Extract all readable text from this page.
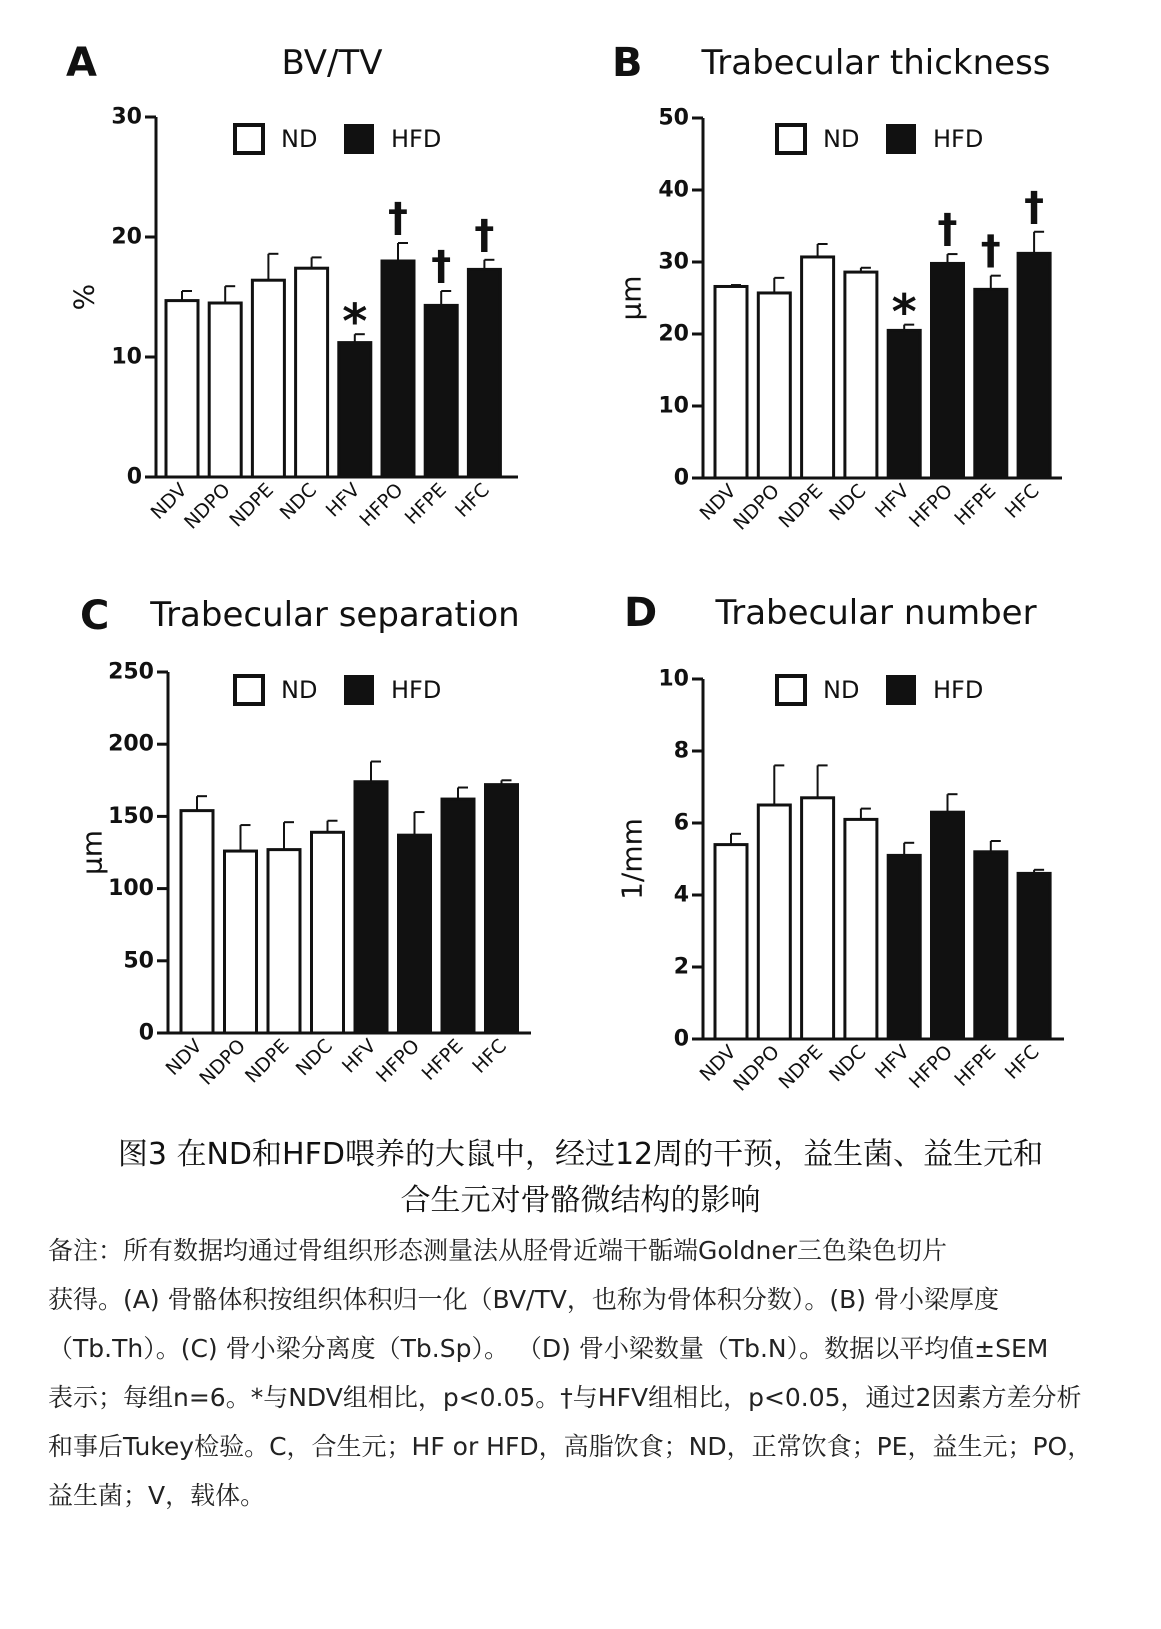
A	BV/TV
%
0
10
20
30
NDV
NDPO
NDPE
NDC
*
HFV
†
HFPO
†
HFPE
†
HFC
ND	HFD
B Trabecular thickness
μm
0
10
20
30
40
50
NDV
NDPO
NDPE
NDC
*
HFV
†
HFPO
†
HFPE
†
HFC
ND	HFD
C Trabecular separation
μm
0
50
100
150
200
250
NDV
NDPO
NDPE
NDC HFV
HFPO
HFPE HFC
ND	HFD
D Trabecular number
1/mm
0
2
4
6
8
10
NDV
NDPO
NDPE
NDC HFV
HFPO
HFPE HFC
ND	HFD
图3 在ND和HFD喂养的大鼠中，经过12周的干预，益生菌、益生元和
合生元对骨骼微结构的影响
备注：所有数据均通过骨组织形态测量法从胫骨近端干骺端Goldner三色染色切片
获得。(A) 骨骼体积按组织体积归一化（BV/TV，也称为骨体积分数）。(B) 骨小梁厚度
（Tb.Th）。(C) 骨小梁分离度（Tb.Sp）。 （D) 骨小梁数量（Tb.N）。数据以平均值±SEM
表示；每组n=6。*与NDV组相比，p<0.05。†与HFV组相比，p<0.05，通过2因素方差分析
和事后Tukey检验。C，合生元；HF or HFD，高脂饮食；ND，正常饮食；PE，益生元；PO，
益生菌；V，载体。
